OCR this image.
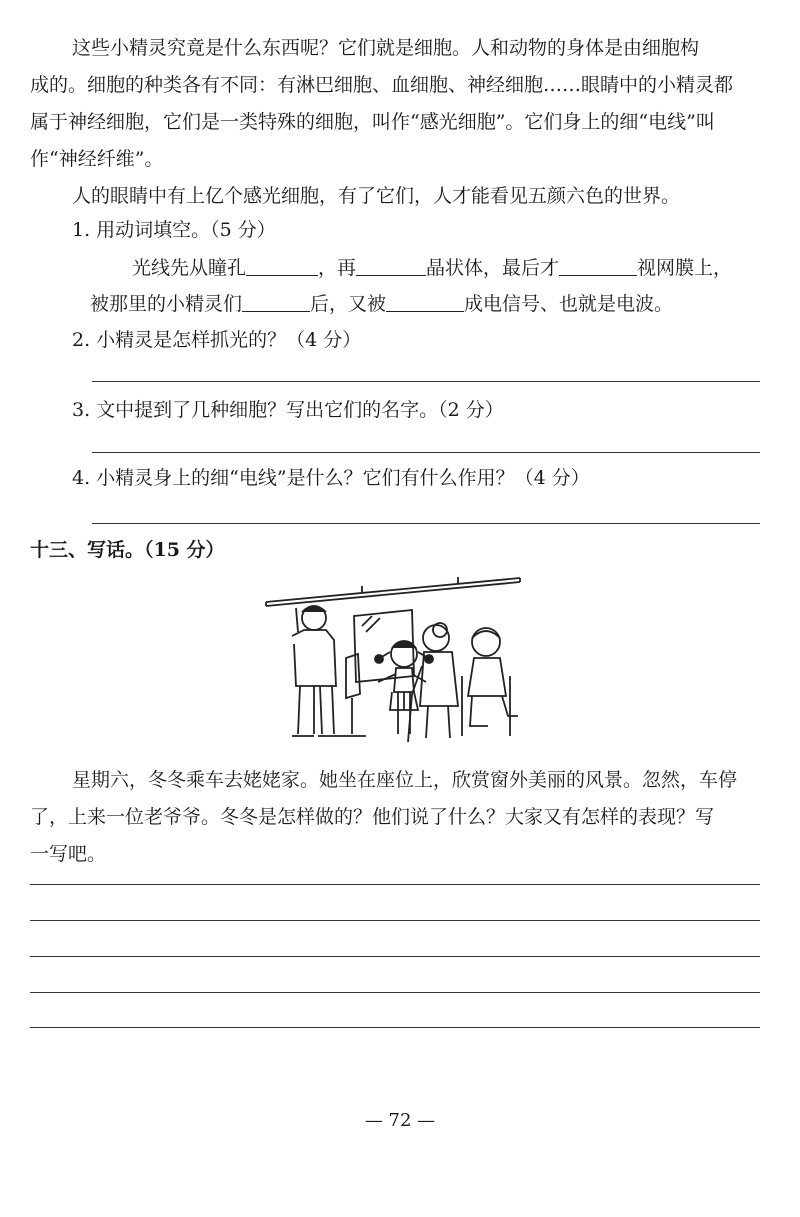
这些小精灵究竟是什么东西呢？它们就是细胞。人和动物的身体是由细胞构
成的。细胞的种类各有不同：有淋巴细胞、血细胞、神经细胞……眼睛中的小精灵都
属于神经细胞，它们是一类特殊的细胞，叫作“感光细胞”。它们身上的细“电线”叫
作“神经纤维”。
人的眼睛中有上亿个感光细胞，有了它们，人才能看见五颜六色的世界。
1. 用动词填空。（5 分）
光线先从瞳孔	，再	晶状体，最后才	视网膜上，
被那里的小精灵们	后，又被	成电信号、也就是电波。
2. 小精灵是怎样抓光的？（4 分）
3. 文中提到了几种细胞？写出它们的名字。（2 分）
4. 小精灵身上的细“电线”是什么？它们有什么作用？（4 分）
十三、写话。（15 分）
星期六，冬冬乘车去姥姥家。她坐在座位上，欣赏窗外美丽的风景。忽然，车停
了，上来一位老爷爷。冬冬是怎样做的？他们说了什么？大家又有怎样的表现？写
一写吧。
— 72 —
